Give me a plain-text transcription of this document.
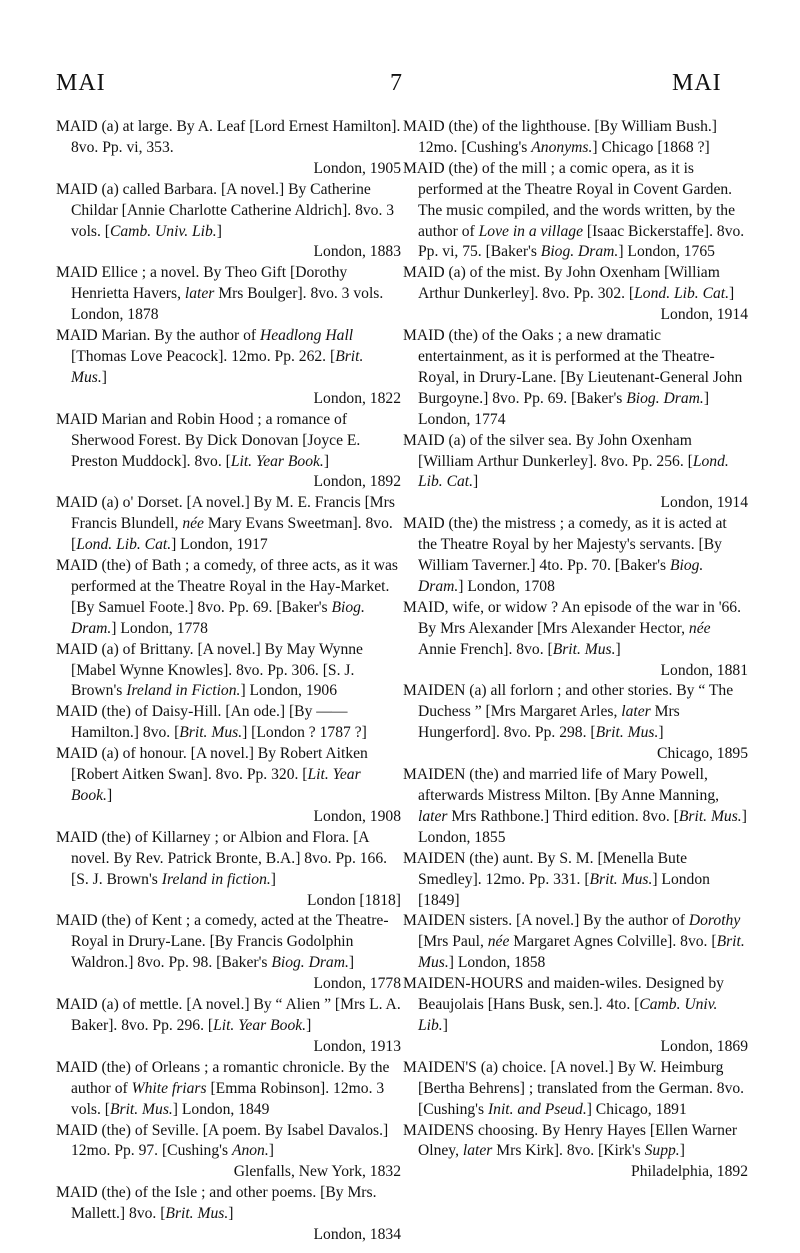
MAI	7	MAI

MAID (a) at large. By A. Leaf [Lord Ernest Hamilton]. 8vo. Pp. vi, 353.
London, 1905

MAID (a) called Barbara. [A novel.] By Catherine Childar [Annie Charlotte Catherine Aldrich]. 8vo. 3 vols. [Camb. Univ. Lib.]
London, 1883

MAID Ellice ; a novel. By Theo Gift [Dorothy Henrietta Havers, later Mrs Boulger]. 8vo. 3 vols. London, 1878

MAID Marian. By the author of Headlong Hall [Thomas Love Peacock]. 12mo. Pp. 262. [Brit. Mus.]
London, 1822

MAID Marian and Robin Hood ; a romance of Sherwood Forest. By Dick Donovan [Joyce E. Preston Muddock]. 8vo. [Lit. Year Book.]
London, 1892

MAID (a) o' Dorset. [A novel.] By M. E. Francis [Mrs Francis Blundell, née Mary Evans Sweetman]. 8vo. [Lond. Lib. Cat.] London, 1917

MAID (the) of Bath ; a comedy, of three acts, as it was performed at the Theatre Royal in the Hay-Market. [By Samuel Foote.] 8vo. Pp. 69. [Baker's Biog. Dram.] London, 1778

MAID (a) of Brittany. [A novel.] By May Wynne [Mabel Wynne Knowles]. 8vo. Pp. 306. [S. J. Brown's Ireland in Fiction.] London, 1906

MAID (the) of Daisy-Hill. [An ode.] [By —— Hamilton.] 8vo. [Brit. Mus.] [London ? 1787 ?]

MAID (a) of honour. [A novel.] By Robert Aitken [Robert Aitken Swan]. 8vo. Pp. 320. [Lit. Year Book.]
London, 1908

MAID (the) of Killarney ; or Albion and Flora. [A novel. By Rev. Patrick Bronte, B.A.] 8vo. Pp. 166. [S. J. Brown's Ireland in fiction.]
London [1818]

MAID (the) of Kent ; a comedy, acted at the Theatre-Royal in Drury-Lane. [By Francis Godolphin Waldron.] 8vo. Pp. 98. [Baker's Biog. Dram.]
London, 1778

MAID (a) of mettle. [A novel.] By “ Alien ” [Mrs L. A. Baker]. 8vo. Pp. 296. [Lit. Year Book.]
London, 1913

MAID (the) of Orleans ; a romantic chronicle. By the author of White friars [Emma Robinson]. 12mo. 3 vols. [Brit. Mus.] London, 1849

MAID (the) of Seville. [A poem. By Isabel Davalos.] 12mo. Pp. 97. [Cushing's Anon.]
Glenfalls, New York, 1832

MAID (the) of the Isle ; and other poems. [By Mrs. Mallett.] 8vo. [Brit. Mus.]
London, 1834

MAID (the) of the lighthouse. [By William Bush.] 12mo. [Cushing's Anonyms.] Chicago [1868 ?]

MAID (the) of the mill ; a comic opera, as it is performed at the Theatre Royal in Covent Garden. The music compiled, and the words written, by the author of Love in a village [Isaac Bickerstaffe]. 8vo. Pp. vi, 75. [Baker's Biog. Dram.] London, 1765

MAID (a) of the mist. By John Oxenham [William Arthur Dunkerley]. 8vo. Pp. 302. [Lond. Lib. Cat.]
London, 1914

MAID (the) of the Oaks ; a new dramatic entertainment, as it is performed at the Theatre-Royal, in Drury-Lane. [By Lieutenant-General John Burgoyne.] 8vo. Pp. 69. [Baker's Biog. Dram.] London, 1774

MAID (a) of the silver sea. By John Oxenham [William Arthur Dunkerley]. 8vo. Pp. 256. [Lond. Lib. Cat.]
London, 1914

MAID (the) the mistress ; a comedy, as it is acted at the Theatre Royal by her Majesty's servants. [By William Taverner.] 4to. Pp. 70. [Baker's Biog. Dram.] London, 1708

MAID, wife, or widow ? An episode of the war in '66. By Mrs Alexander [Mrs Alexander Hector, née Annie French]. 8vo. [Brit. Mus.]
London, 1881

MAIDEN (a) all forlorn ; and other stories. By “ The Duchess ” [Mrs Margaret Arles, later Mrs Hungerford]. 8vo. Pp. 298. [Brit. Mus.]
Chicago, 1895

MAIDEN (the) and married life of Mary Powell, afterwards Mistress Milton. [By Anne Manning, later Mrs Rathbone.] Third edition. 8vo. [Brit. Mus.] London, 1855

MAIDEN (the) aunt. By S. M. [Menella Bute Smedley]. 12mo. Pp. 331. [Brit. Mus.] London [1849]

MAIDEN sisters. [A novel.] By the author of Dorothy [Mrs Paul, née Margaret Agnes Colville]. 8vo. [Brit. Mus.] London, 1858

MAIDEN-HOURS and maiden-wiles. Designed by Beaujolais [Hans Busk, sen.]. 4to. [Camb. Univ. Lib.]
London, 1869

MAIDEN'S (a) choice. [A novel.] By W. Heimburg [Bertha Behrens] ; translated from the German. 8vo. [Cushing's Init. and Pseud.] Chicago, 1891

MAIDENS choosing. By Henry Hayes [Ellen Warner Olney, later Mrs Kirk]. 8vo. [Kirk's Supp.]
Philadelphia, 1892
